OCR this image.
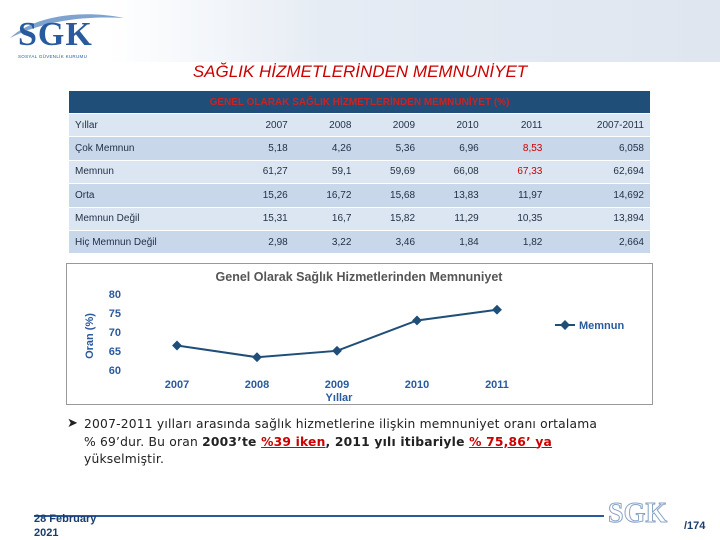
SGK
SOSYAL GÜVENLİK KURUMU
SAĞLIK HİZMETLERİNDEN MEMNUNİYET
GENEL OLARAK SAĞLIK HİZMETLERİNDEN MEMNUNİYET (%)						
Yıllar	2007	2008	2009	2010	2011	2007-2011
Çok Memnun	5,18	4,26	5,36	6,96	8,53	6,058
Memnun	61,27	59,1	59,69	66,08	67,33	62,694
Orta	15,26	16,72	15,68	13,83	11,97	14,692
Memnun Değil	15,31	16,7	15,82	11,29	10,35	13,894
Hiç Memnun Değil	2,98	3,22	3,46	1,84	1,82	2,664
Genel Olarak Sağlık Hizmetlerinden Memnuniyet
Oran (%)
Yıllar
80
75
70
65
60
2007	2008	2009	2010	2011
Memnun
➤ 2007-2011 yılları arasında sağlık hizmetlerine ilişkin memnuniyet oranı ortalama
% 69’dur. Bu oran 2003’te %39 iken, 2011 yılı itibariyle % 75,86’ ya
yükselmiştir.
28 February
2021
SGK /174
